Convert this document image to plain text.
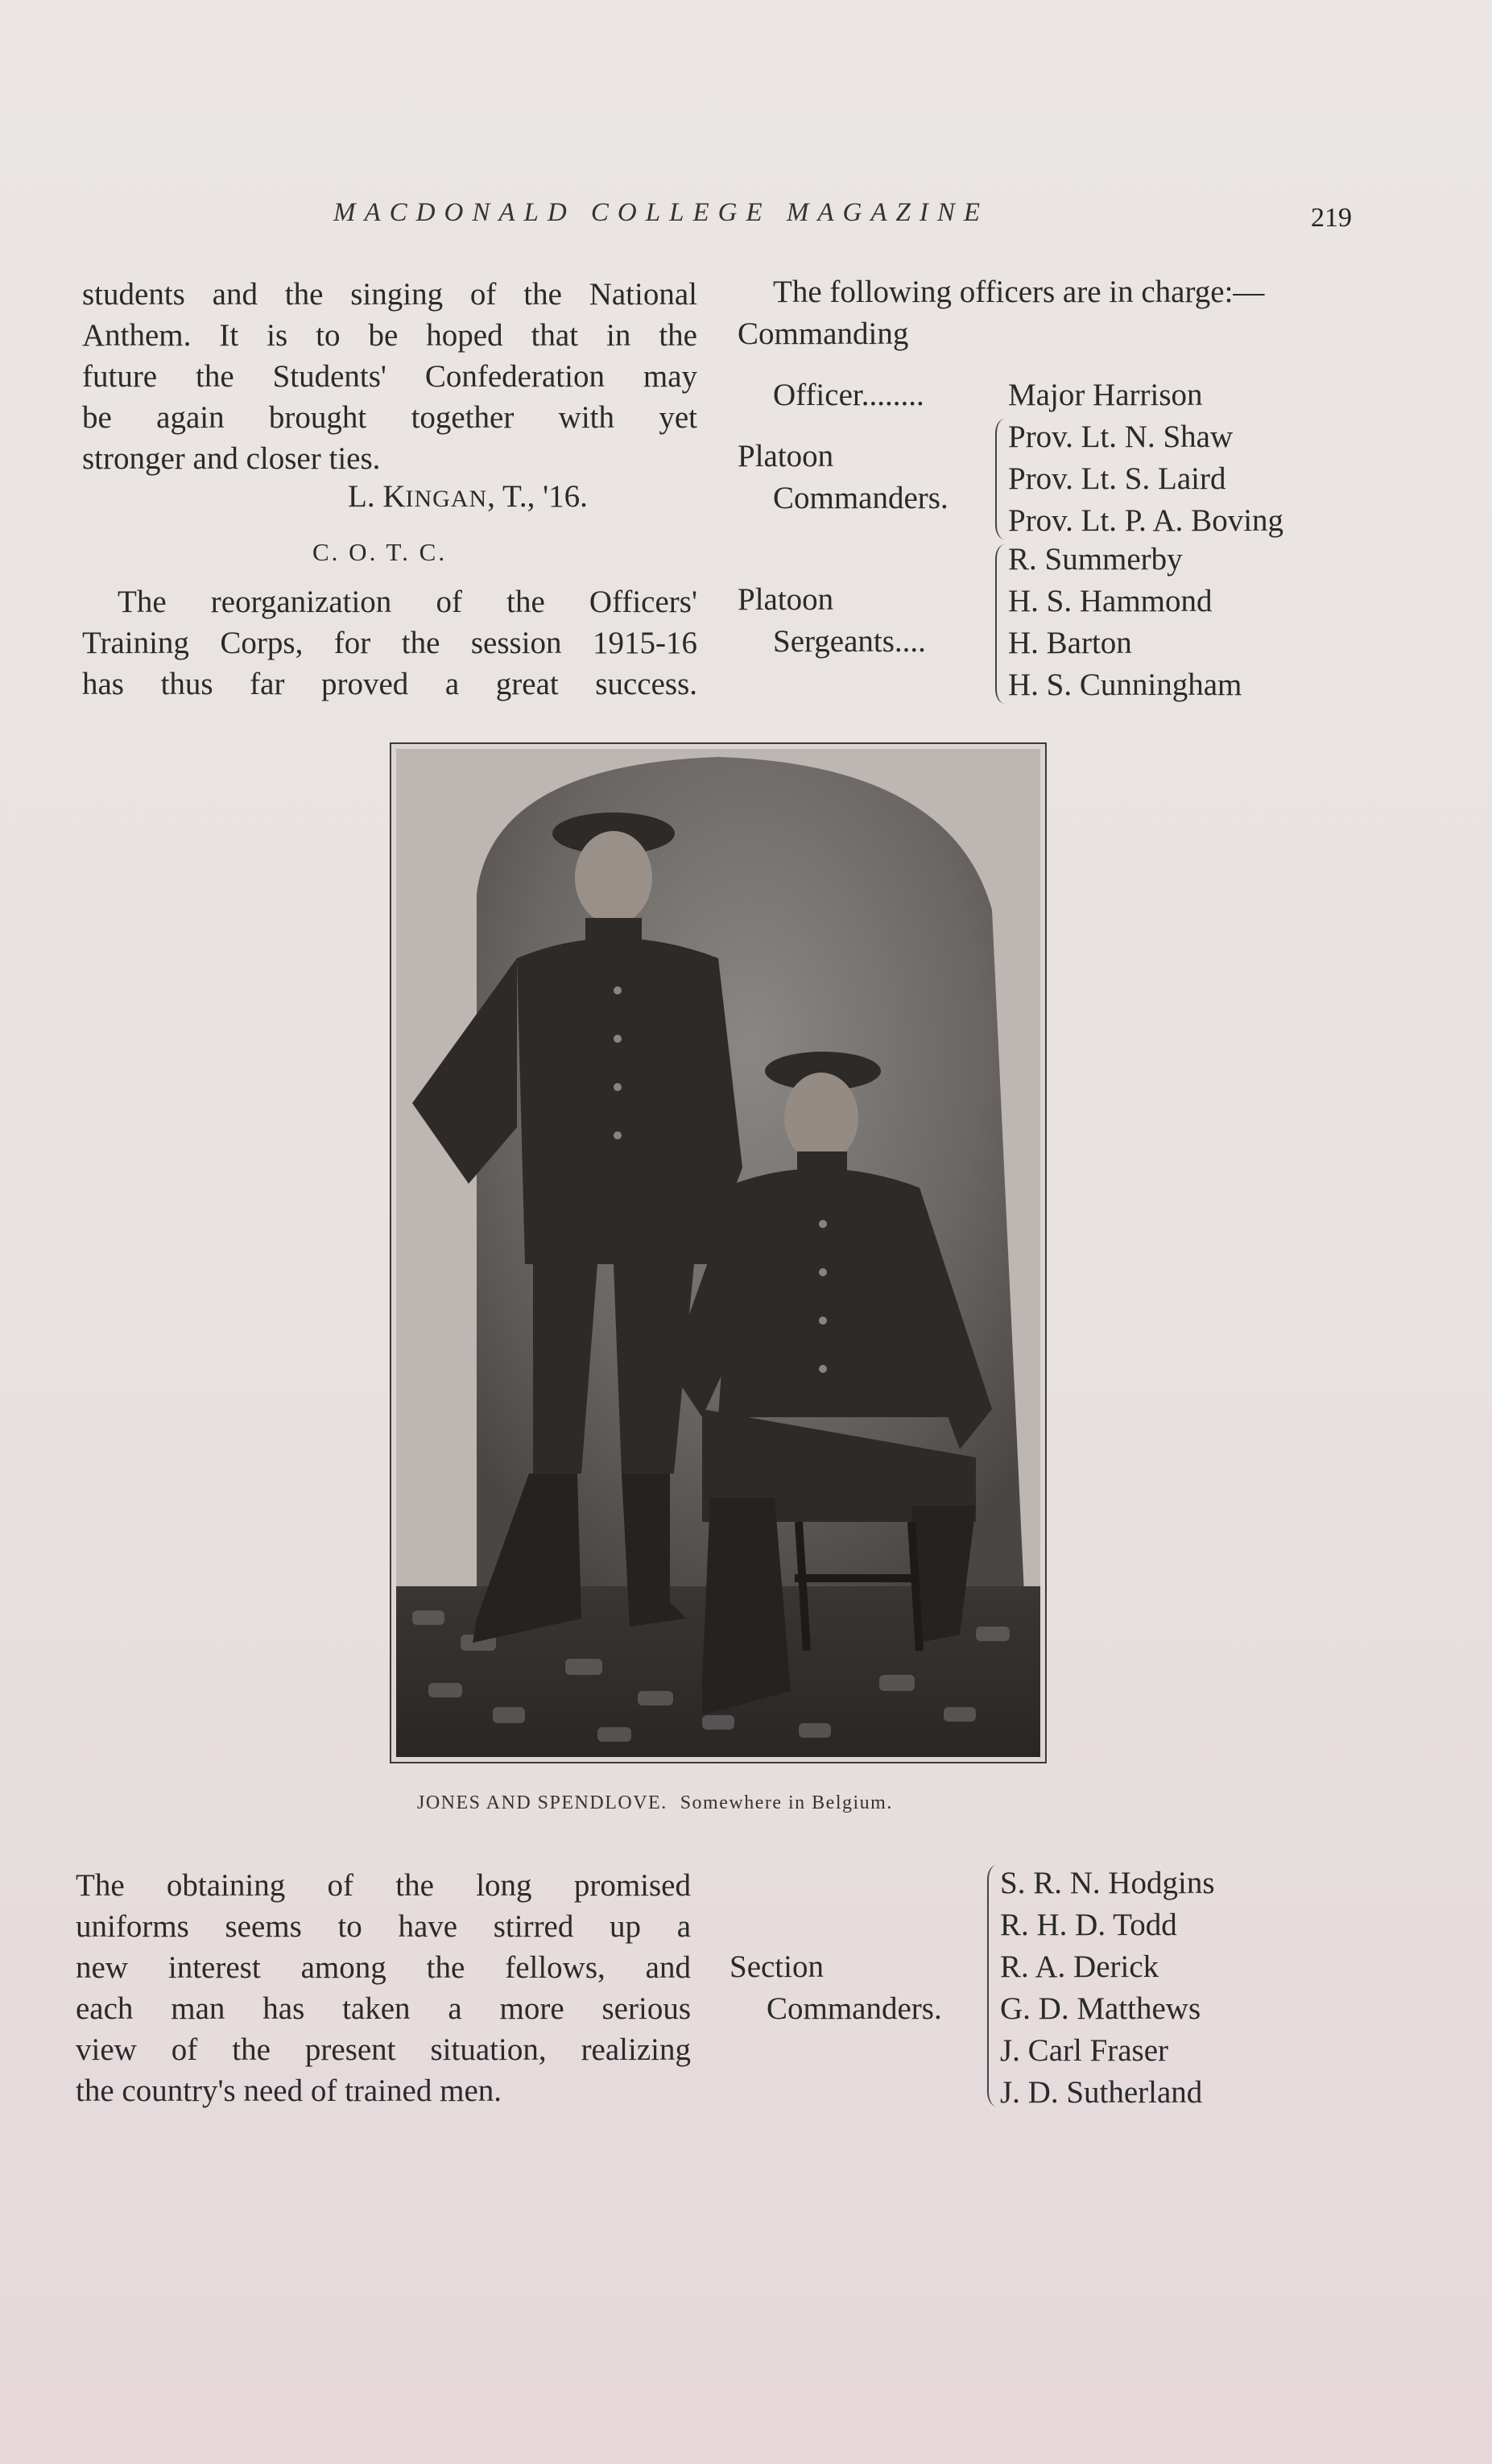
MACDONALD COLLEGE MAGAZINE	219
students and the singing of the National
Anthem. It is to be hoped that in the
future the Students' Confederation may
be again brought together with yet
stronger and closer ties.
L. KINGAN, T., '16.
C. O. T. C.
The reorganization of the Officers'
Training Corps, for the session 1915-16
has thus far proved a great success.
The following officers are in charge:—
Commanding
Officer........	Major Harrison
Platoon
Commanders.
Prov. Lt. N. Shaw
Prov. Lt. S. Laird
Prov. Lt. P. A. Boving
Platoon
Sergeants....
R. Summerby
H. S. Hammond
H. Barton
H. S. Cunningham
JONES AND SPENDLOVE. Somewhere in Belgium.
The obtaining of the long promised
uniforms seems to have stirred up a
new interest among the fellows, and
each man has taken a more serious
view of the present situation, realizing
the country's need of trained men.
Section
Commanders.
S. R. N. Hodgins
R. H. D. Todd
R. A. Derick
G. D. Matthews
J. Carl Fraser
J. D. Sutherland
